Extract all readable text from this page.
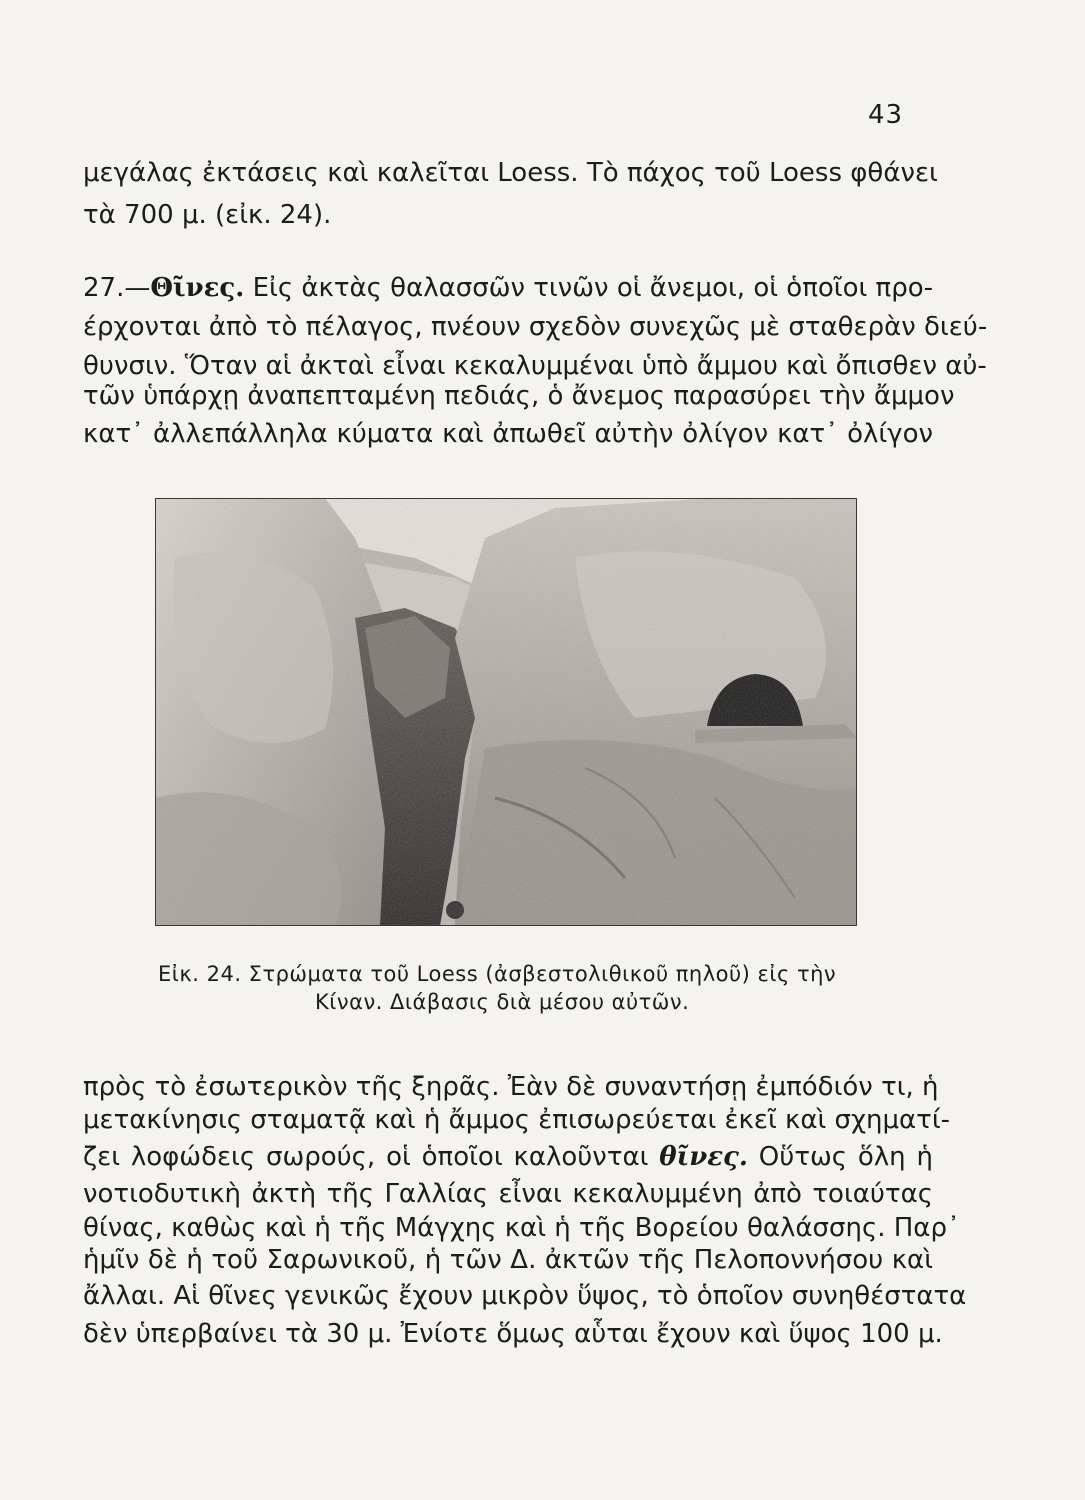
43
μεγάλας ἐκτάσεις καὶ καλεῖται Loess. Τὸ πάχος τοῦ Loess φθάνει
τὰ 700 μ. (εἰκ. 24).
27.—Θῖνες. Εἰς ἀκτὰς θαλασσῶν τινῶν οἱ ἄνεμοι, οἱ ὁποῖοι προ-
έρχονται ἀπὸ τὸ πέλαγος, πνέουν σχεδὸν συνεχῶς μὲ σταθερὰν διεύ-
θυνσιν. Ὅταν αἱ ἀκταὶ εἶναι κεκαλυμμέναι ὑπὸ ἄμμου καὶ ὄπισθεν αὐ-
τῶν ὑπάρχῃ ἀναπεπταμένη πεδιάς, ὁ ἄνεμος παρασύρει τὴν ἄμμον
κατ᾽ ἀλλεπάλληλα κύματα καὶ ἀπωθεῖ αὐτὴν ὀλίγον κατ᾽ ὀλίγον
Εἰκ. 24. Στρώματα τοῦ Loess (ἀσβεστολιθικοῦ πηλοῦ) εἰς τὴν
Κίναν. Διάβασις διὰ μέσου αὐτῶν.
πρὸς τὸ ἐσωτερικὸν τῆς ξηρᾶς. Ἐὰν δὲ συναντήσῃ ἐμπόδιόν τι, ἡ
μετακίνησις σταματᾷ καὶ ἡ ἄμμος ἐπισωρεύεται ἐκεῖ καὶ σχηματί-
ζει λοφώδεις σωρούς, οἱ ὁποῖοι καλοῦνται θῖνες. Οὕτως ὅλη ἡ
νοτιοδυτικὴ ἀκτὴ τῆς Γαλλίας εἶναι κεκαλυμμένη ἀπὸ τοιαύτας
θίνας, καθὼς καὶ ἡ τῆς Μάγχης καὶ ἡ τῆς Βορείου θαλάσσης. Παρ᾽
ἡμῖν δὲ ἡ τοῦ Σαρωνικοῦ, ἡ τῶν Δ. ἀκτῶν τῆς Πελοποννήσου καὶ
ἄλλαι. Αἱ θῖνες γενικῶς ἔχουν μικρὸν ὕψος, τὸ ὁποῖον συνηθέστατα
δὲν ὑπερβαίνει τὰ 30 μ. Ἐνίοτε ὅμως αὗται ἔχουν καὶ ὕψος 100 μ.
